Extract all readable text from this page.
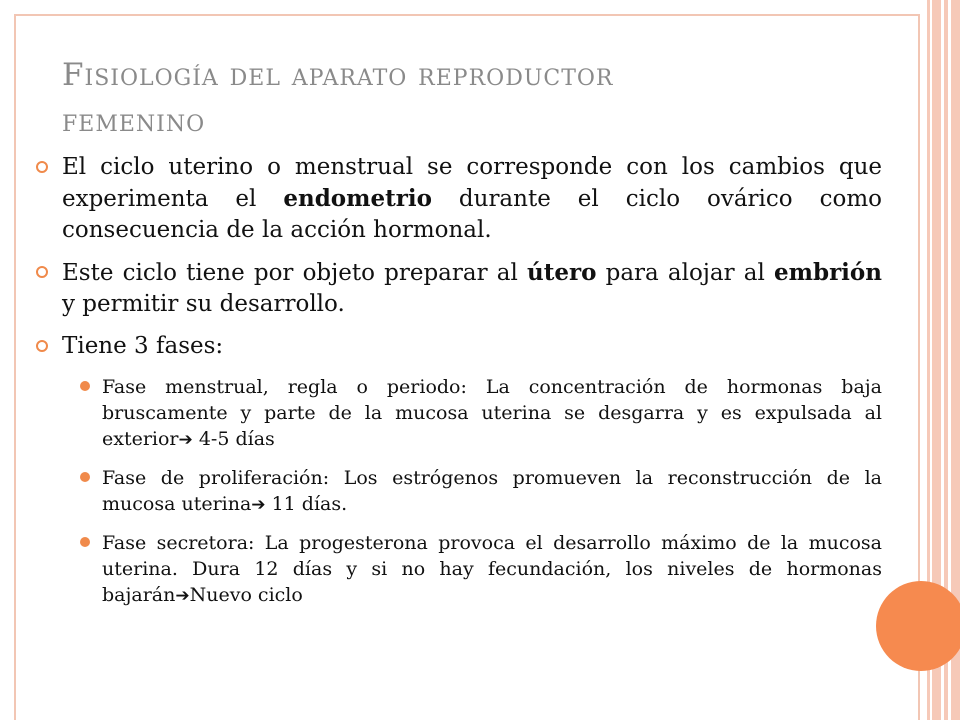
Fisiología del aparato reproductor
femenino

El ciclo uterino o menstrual se corresponde con los cambios que experimenta el endometrio durante el ciclo ovárico como consecuencia de la acción hormonal.

Este ciclo tiene por objeto preparar al útero para alojar al embrión y permitir su desarrollo.

Tiene 3 fases:

Fase menstrual, regla o periodo: La concentración de hormonas baja bruscamente y parte de la mucosa uterina se desgarra y es expulsada al exterior➔ 4-5 días

Fase de proliferación: Los estrógenos promueven la reconstrucción de la mucosa uterina➔ 11 días.

Fase secretora: La progesterona provoca el desarrollo máximo de la mucosa uterina. Dura 12 días y si no hay fecundación, los niveles de hormonas bajarán➔Nuevo ciclo
